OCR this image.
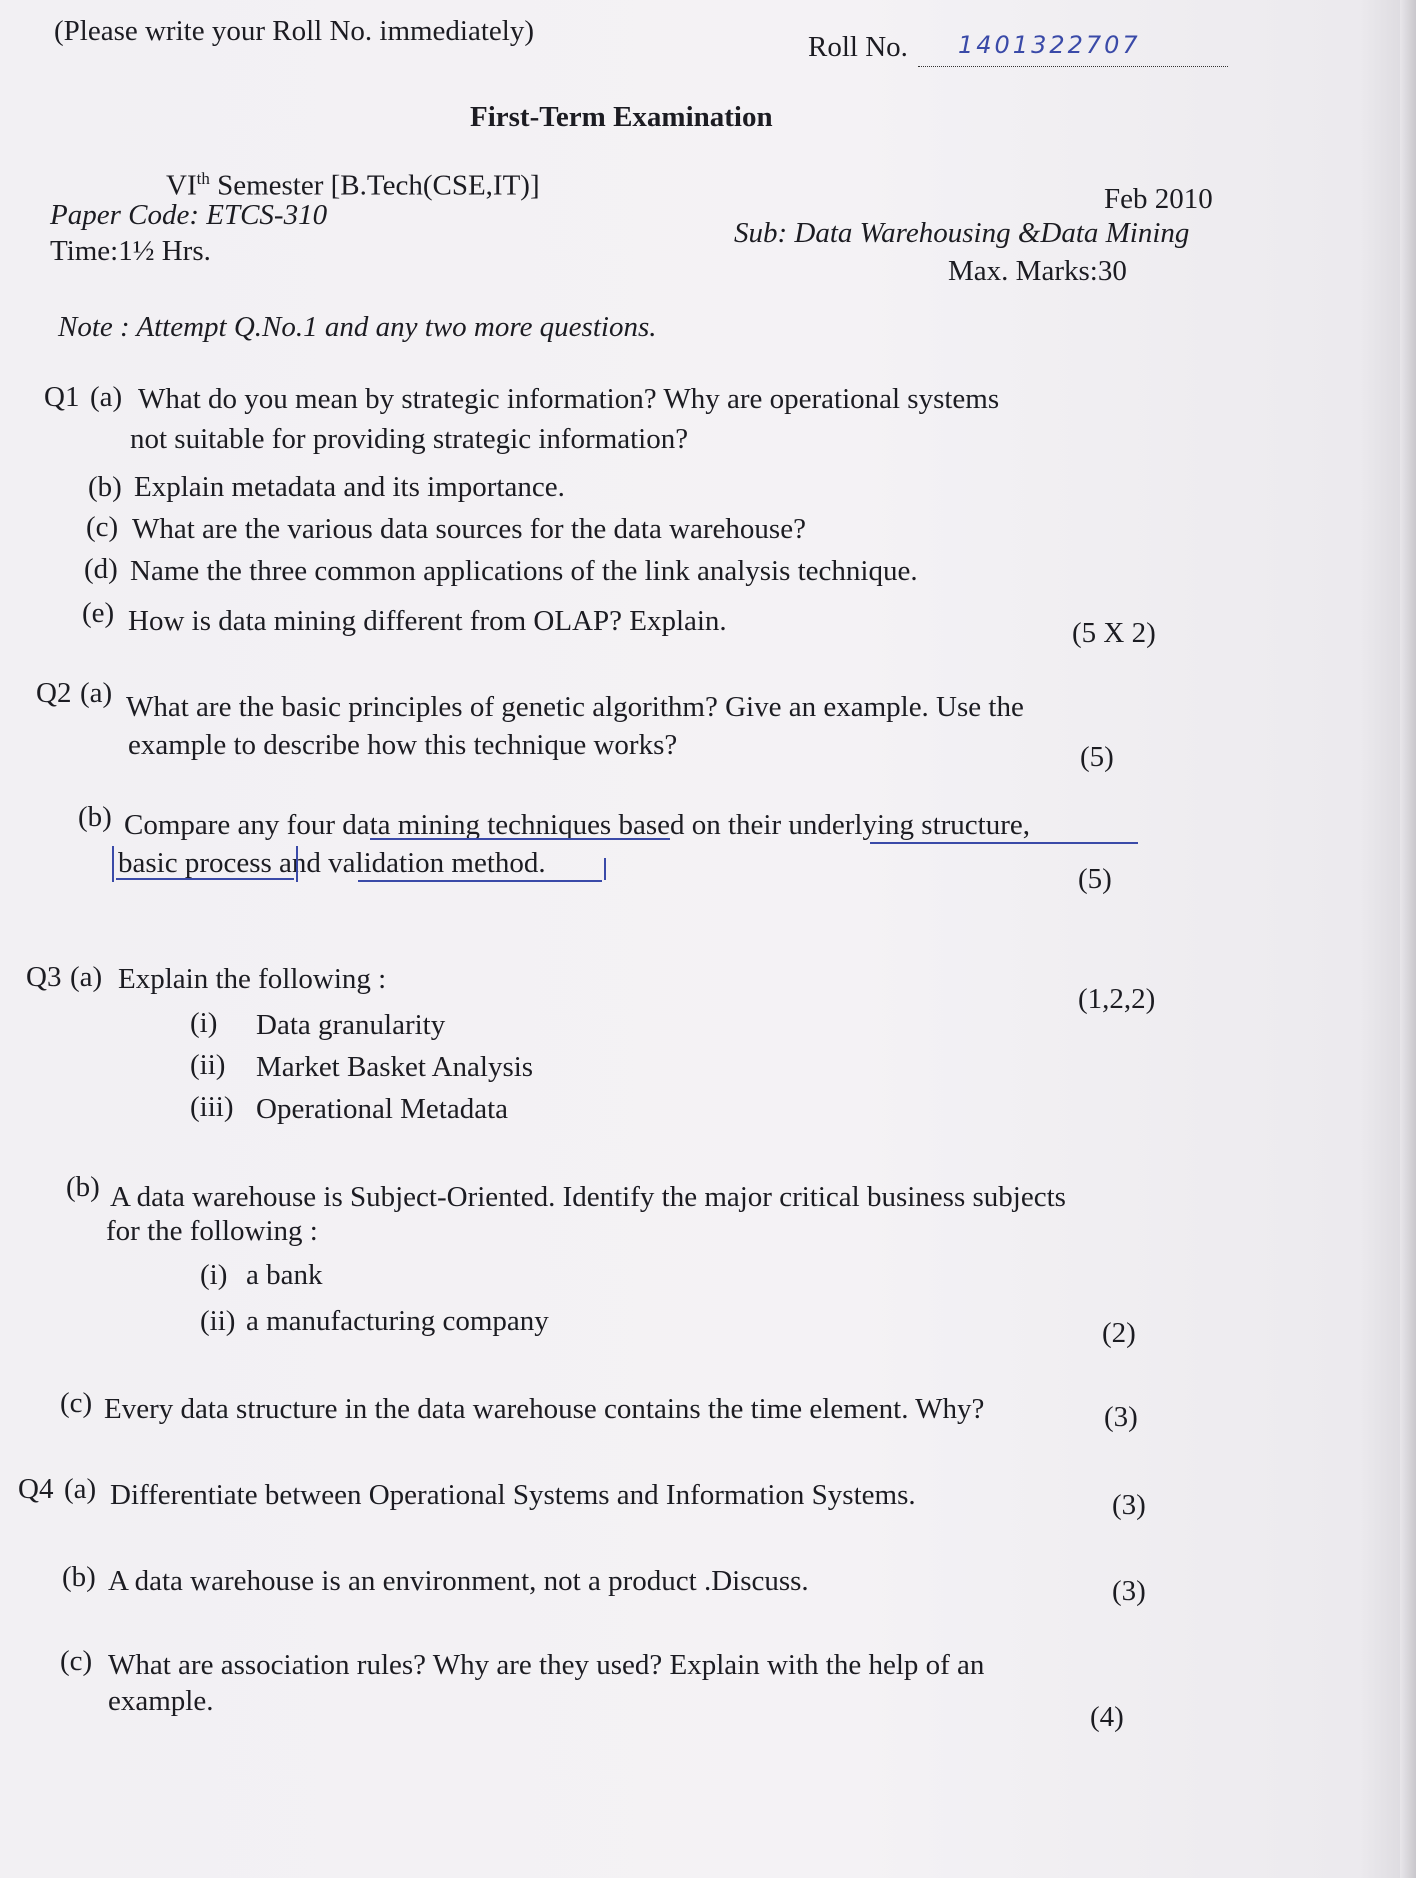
(Please write your Roll No. immediately)	Roll No. 1401322707
First-Term Examination
VIth Semester [B.Tech(CSE,IT)]
Paper Code: ETCS-310
Time:1½ Hrs.
Feb 2010
Sub: Data Warehousing &Data Mining
Max. Marks:30
Note : Attempt Q.No.1 and any two more questions.
Q1 (a) What do you mean by strategic information? Why are operational systems
not suitable for providing strategic information?
(b) Explain metadata and its importance.
(c) What are the various data sources for the data warehouse?
(d) Name the three common applications of the link analysis technique.
(e) How is data mining different from OLAP? Explain.	(5 X 2)
Q2 (a) What are the basic principles of genetic algorithm? Give an example. Use the
example to describe how this technique works?	(5)
(b) Compare any four data mining techniques based on their underlying structure,
basic process and validation method.	(5)
Q3 (a) Explain the following :
(1,2,2)
(i) Data granularity
(ii) Market Basket Analysis
(iii) Operational Metadata
(b) A data warehouse is Subject-Oriented. Identify the major critical business subjects
for the following :
(i) a bank
(ii) a manufacturing company	(2)
(c) Every data structure in the data warehouse contains the time element. Why?	(3)
Q4 (a) Differentiate between Operational Systems and Information Systems.	(3)
(b) A data warehouse is an environment, not a product .Discuss.	(3)
(c) What are association rules? Why are they used? Explain with the help of an
example.	(4)
